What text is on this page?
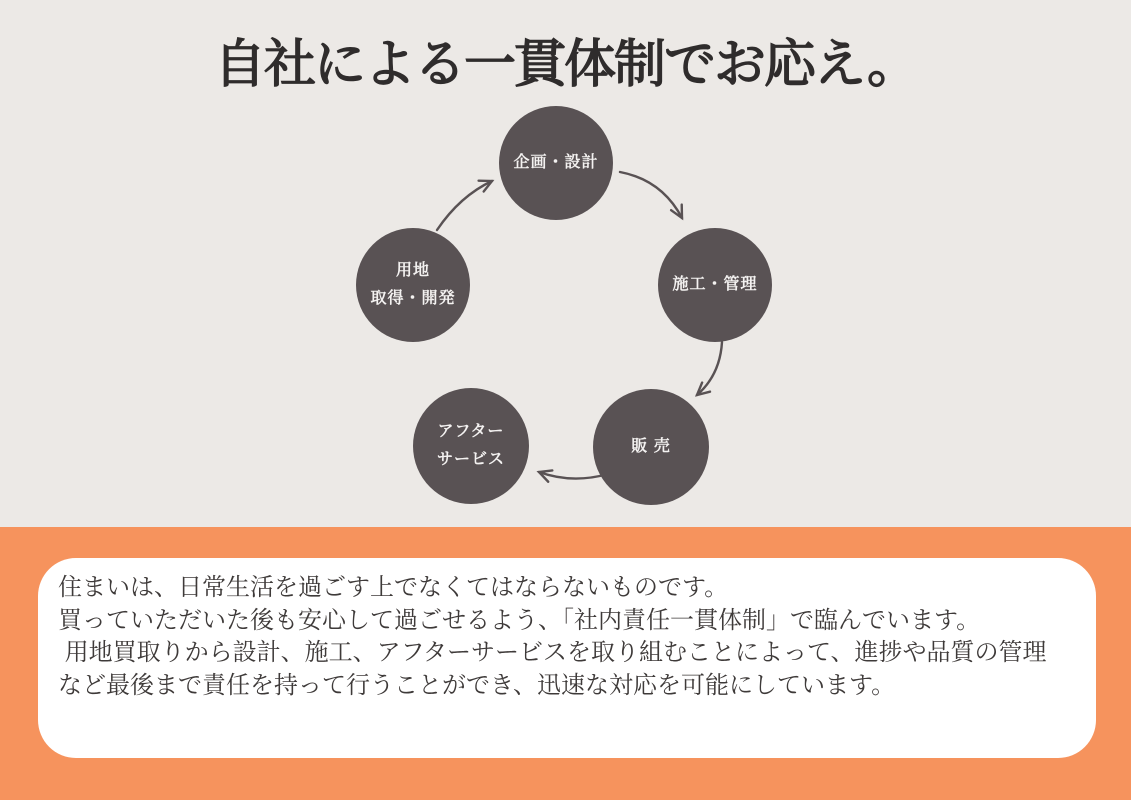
自社による一貫体制でお応え。
企画・設計
施工・管理
販 売
アフター
サービス
用地
取得・開発

住まいは、日常生活を過ごす上でなくてはならないものです。

買っていただいた後も安心して過ごせるよう、「社内責任一貫体制」で臨んでいます。

用地買取りから設計、施工、アフターサービスを取り組むことによって、進捗や品質の管理

など最後まで責任を持って行うことができ、迅速な対応を可能にしています。
